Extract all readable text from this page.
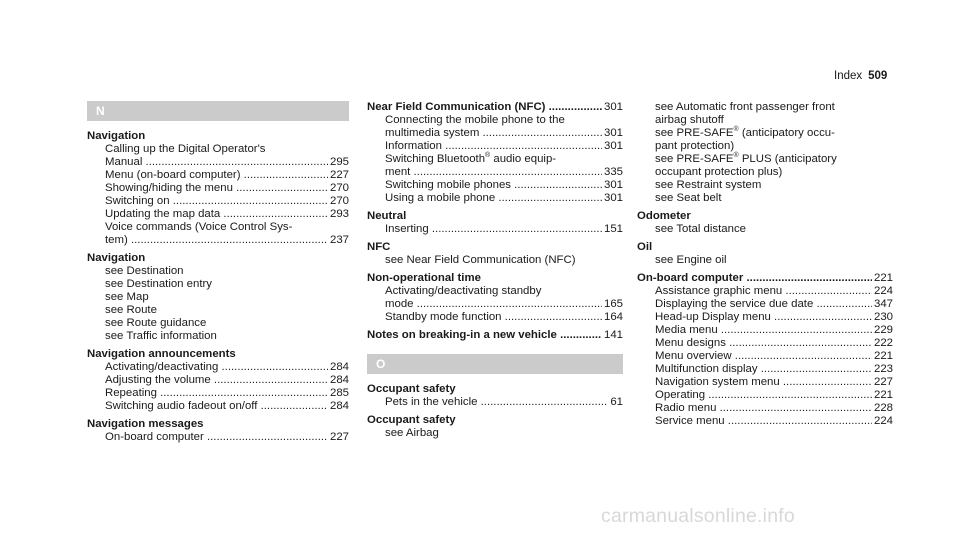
Index 509
N
Navigation
Calling up the Digital Operator's
Manual .....	295
Menu (on-board computer) .....	227
Showing/hiding the menu .....	270
Switching on .....	270
Updating the map data .....	293
Voice commands (Voice Control Sys-
tem) .....	237
Navigation
see Destination
see Destination entry
see Map
see Route
see Route guidance
see Traffic information
Navigation announcements
Activating/deactivating .....	284
Adjusting the volume .....	284
Repeating .....	285
Switching audio fadeout on/off .....	284
Navigation messages
On-board computer .....	227
Near Field Communication (NFC) .....	301
Connecting the mobile phone to the
multimedia system .....	301
Information .....	301
Switching Bluetooth® audio equip-
ment .....	335
Switching mobile phones .....	301
Using a mobile phone .....	301
Neutral
Inserting .....	151
NFC
see Near Field Communication (NFC)
Non-operational time
Activating/deactivating standby
mode .....	165
Standby mode function .....	164
Notes on breaking-in a new vehicle .....	141
O
Occupant safety
Pets in the vehicle .....	61
Occupant safety
see Airbag
see Automatic front passenger front
airbag shutoff
see PRE-SAFE® (anticipatory occu-
pant protection)
see PRE-SAFE® PLUS (anticipatory
occupant protection plus)
see Restraint system
see Seat belt
Odometer
see Total distance
Oil
see Engine oil
On-board computer .....	221
Assistance graphic menu .....	224
Displaying the service due date .....	347
Head-up Display menu .....	230
Media menu .....	229
Menu designs .....	222
Menu overview .....	221
Multifunction display .....	223
Navigation system menu .....	227
Operating .....	221
Radio menu .....	228
Service menu .....	224
carmanualsonline.info
